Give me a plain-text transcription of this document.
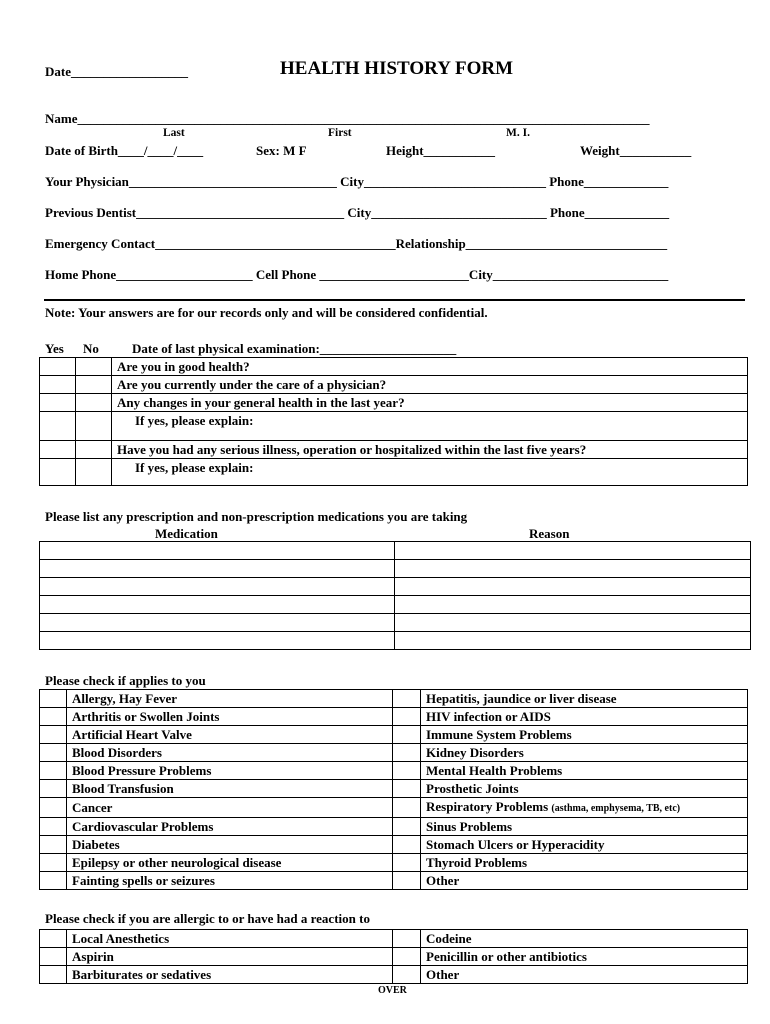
Date__________________	HEALTH HISTORY FORM
Name________________________________________________________________________________________
Last	First	M. I.
Date of Birth____/____/____	Sex: M F	Height___________	Weight___________
Your Physician________________________________ City____________________________ Phone_____________
Previous Dentist________________________________ City___________________________ Phone_____________
Emergency Contact_____________________________________Relationship_______________________________
Home Phone_____________________ Cell Phone _______________________City___________________________
Note: Your answers are for our records only and will be considered confidential.
Yes No	Date of last physical examination:_____________________
		Are you in good health?
		Are you currently under the care of a physician?
		Any changes in your general health in the last year?
		If yes, please explain:
		Have you had any serious illness, operation or hospitalized within the last five years?
		If yes, please explain:
Please list any prescription and non-prescription medications you are taking
Medication	Reason

Please check if applies to you
	Allergy, Hay Fever		Hepatitis, jaundice or liver disease
	Arthritis or Swollen Joints		HIV infection or AIDS
	Artificial Heart Valve		Immune System Problems
	Blood Disorders		Kidney Disorders
	Blood Pressure Problems		Mental Health Problems
	Blood Transfusion		Prosthetic Joints
	Cancer		Respiratory Problems (asthma, emphysema, TB, etc)
	Cardiovascular Problems		Sinus Problems
	Diabetes		Stomach Ulcers or Hyperacidity
	Epilepsy or other neurological disease		Thyroid Problems
	Fainting spells or seizures		Other
Please check if you are allergic to or have had a reaction to
	Local Anesthetics		Codeine
	Aspirin		Penicillin or other antibiotics
	Barbiturates or sedatives		Other
OVER
